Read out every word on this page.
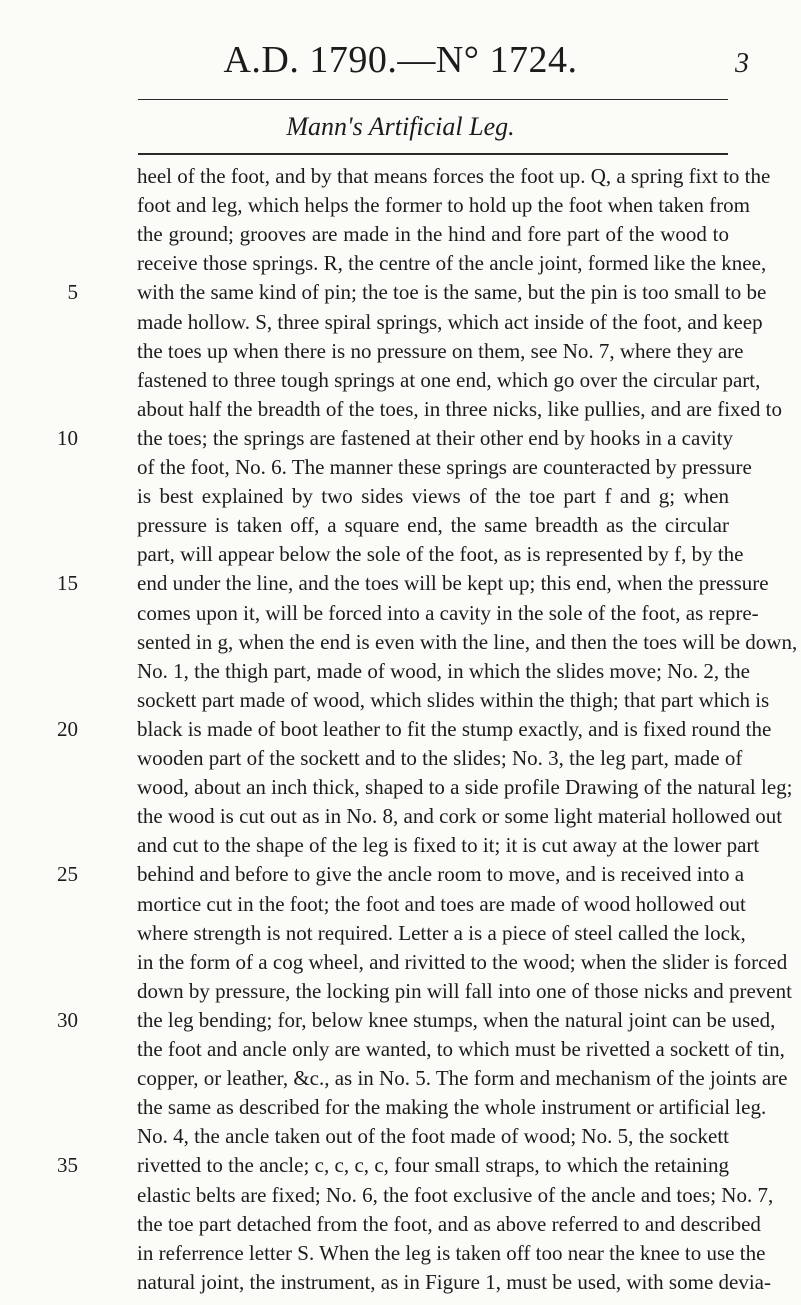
A.D. 1790.—N° 1724.	3
Mann's Artificial Leg.
heel of the foot, and by that means forces the foot up. Q, a spring fixt to the
foot and leg, which helps the former to hold up the foot when taken from
the ground; grooves are made in the hind and fore part of the wood to
receive those springs. R, the centre of the ancle joint, formed like the knee,
with the same kind of pin; the toe is the same, but the pin is too small to be
made hollow. S, three spiral springs, which act inside of the foot, and keep
the toes up when there is no pressure on them, see No. 7, where they are
fastened to three tough springs at one end, which go over the circular part,
about half the breadth of the toes, in three nicks, like pullies, and are fixed to
the toes; the springs are fastened at their other end by hooks in a cavity
of the foot, No. 6. The manner these springs are counteracted by pressure
is best explained by two sides views of the toe part f and g; when
pressure is taken off, a square end, the same breadth as the circular
part, will appear below the sole of the foot, as is represented by f, by the
end under the line, and the toes will be kept up; this end, when the pressure
comes upon it, will be forced into a cavity in the sole of the foot, as repre-
sented in g, when the end is even with the line, and then the toes will be down,
No. 1, the thigh part, made of wood, in which the slides move; No. 2, the
sockett part made of wood, which slides within the thigh; that part which is
black is made of boot leather to fit the stump exactly, and is fixed round the
wooden part of the sockett and to the slides; No. 3, the leg part, made of
wood, about an inch thick, shaped to a side profile Drawing of the natural leg;
the wood is cut out as in No. 8, and cork or some light material hollowed out
and cut to the shape of the leg is fixed to it; it is cut away at the lower part
behind and before to give the ancle room to move, and is received into a
mortice cut in the foot; the foot and toes are made of wood hollowed out
where strength is not required. Letter a is a piece of steel called the lock,
in the form of a cog wheel, and rivitted to the wood; when the slider is forced
down by pressure, the locking pin will fall into one of those nicks and prevent
the leg bending; for, below knee stumps, when the natural joint can be used,
the foot and ancle only are wanted, to which must be rivetted a sockett of tin,
copper, or leather, &c., as in No. 5. The form and mechanism of the joints are
the same as described for the making the whole instrument or artificial leg.
No. 4, the ancle taken out of the foot made of wood; No. 5, the sockett
rivetted to the ancle; c, c, c, c, four small straps, to which the retaining
elastic belts are fixed; No. 6, the foot exclusive of the ancle and toes; No. 7,
the toe part detached from the foot, and as above referred to and described
in referrence letter S. When the leg is taken off too near the knee to use the
natural joint, the instrument, as in Figure 1, must be used, with some devia-
5
10
15
20
25
30
35
